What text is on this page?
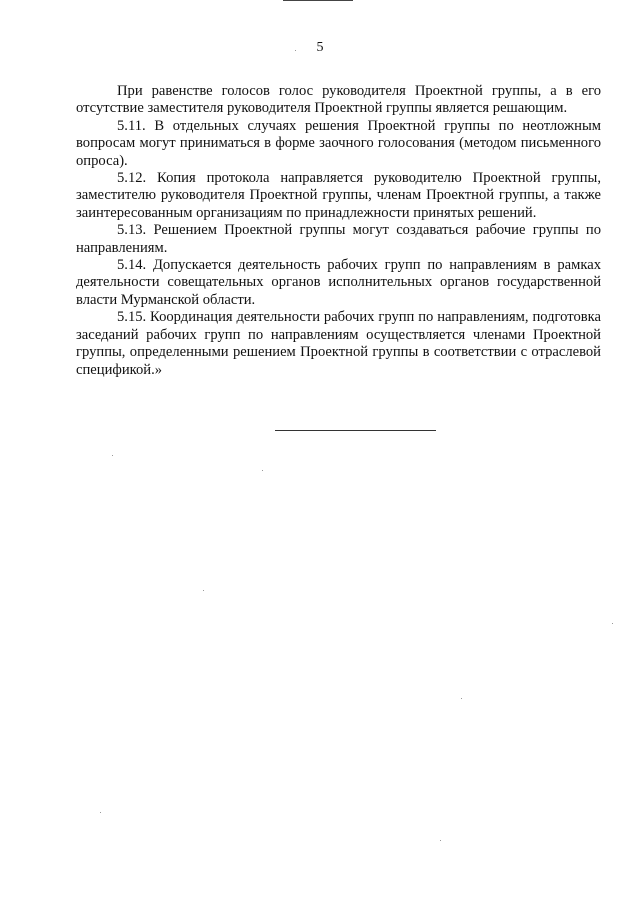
5

При равенстве голосов голос руководителя Проектной группы, а в его отсутствие заместителя руководителя Проектной группы является решающим.

5.11. В отдельных случаях решения Проектной группы по неотложным вопросам могут приниматься в форме заочного голосования (методом письменного опроса).

5.12. Копия протокола направляется руководителю Проектной группы, заместителю руководителя Проектной группы, членам Проектной группы, а также заинтересованным организациям по принадлежности принятых решений.

5.13. Решением Проектной группы могут создаваться рабочие группы по направлениям.

5.14. Допускается деятельность рабочих групп по направлениям в рамках деятельности совещательных органов исполнительных органов государственной власти Мурманской области.

5.15. Координация деятельности рабочих групп по направлениям, подготовка заседаний рабочих групп по направлениям осуществляется членами Проектной группы, определенными решением Проектной группы в соответствии с отраслевой спецификой.»
